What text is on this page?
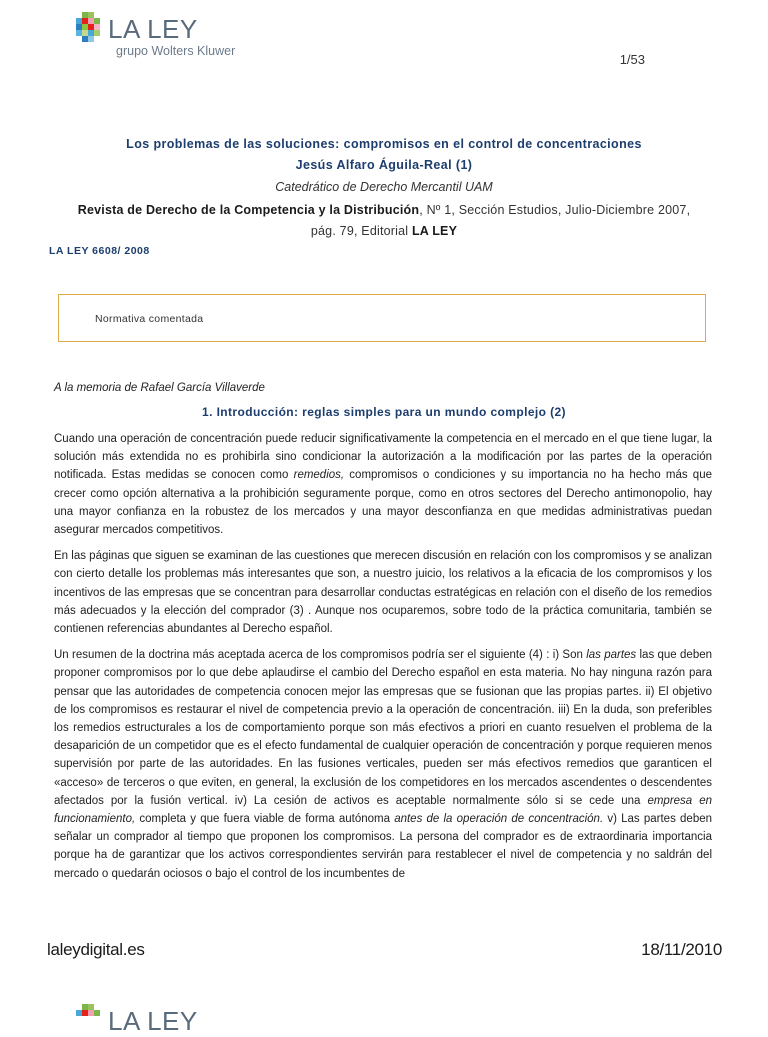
LA LEY
grupo Wolters Kluwer
1/53
Los problemas de las soluciones: compromisos en el control de concentraciones
Jesús Alfaro Águila-Real (1)
Catedrático de Derecho Mercantil UAM
Revista de Derecho de la Competencia y la Distribución, Nº 1, Sección Estudios, Julio-Diciembre 2007,
pág. 79, Editorial LA LEY
LA LEY 6608/ 2008
Normativa comentada
A la memoria de Rafael García Villaverde
1. Introducción: reglas simples para un mundo complejo (2)

Cuando una operación de concentración puede reducir significativamente la competencia en el mercado en el que tiene lugar, la solución más extendida no es prohibirla sino condicionar la autorización a la modificación por las partes de la operación notificada. Estas medidas se conocen como remedios, compromisos o condiciones y su importancia no ha hecho más que crecer como opción alternativa a la prohibición seguramente porque, como en otros sectores del Derecho antimonopolio, hay una mayor confianza en la robustez de los mercados y una mayor desconfianza en que medidas administrativas puedan asegurar mercados competitivos.

En las páginas que siguen se examinan de las cuestiones que merecen discusión en relación con los compromisos y se analizan con cierto detalle los problemas más interesantes que son, a nuestro juicio, los relativos a la eficacia de los compromisos y los incentivos de las empresas que se concentran para desarrollar conductas estratégicas en relación con el diseño de los remedios más adecuados y la elección del comprador (3) . Aunque nos ocuparemos, sobre todo de la práctica comunitaria, también se contienen referencias abundantes al Derecho español.

Un resumen de la doctrina más aceptada acerca de los compromisos podría ser el siguiente (4) : i) Son las partes las que deben proponer compromisos por lo que debe aplaudirse el cambio del Derecho español en esta materia. No hay ninguna razón para pensar que las autoridades de competencia conocen mejor las empresas que se fusionan que las propias partes. ii) El objetivo de los compromisos es restaurar el nivel de competencia previo a la operación de concentración. iii) En la duda, son preferibles los remedios estructurales a los de comportamiento porque son más efectivos a priori en cuanto resuelven el problema de la desaparición de un competidor que es el efecto fundamental de cualquier operación de concentración y porque requieren menos supervisión por parte de las autoridades. En las fusiones verticales, pueden ser más efectivos remedios que garanticen el «acceso» de terceros o que eviten, en general, la exclusión de los competidores en los mercados ascendentes o descendentes afectados por la fusión vertical. iv) La cesión de activos es aceptable normalmente sólo si se cede una empresa en funcionamiento, completa y que fuera viable de forma autónoma antes de la operación de concentración. v) Las partes deben señalar un comprador al tiempo que proponen los compromisos. La persona del comprador es de extraordinaria importancia porque ha de garantizar que los activos correspondientes servirán para restablecer el nivel de competencia y no saldrán del mercado o quedarán ociosos o bajo el control de los incumbentes de

laleydigital.es	18/11/2010
LA LEY
